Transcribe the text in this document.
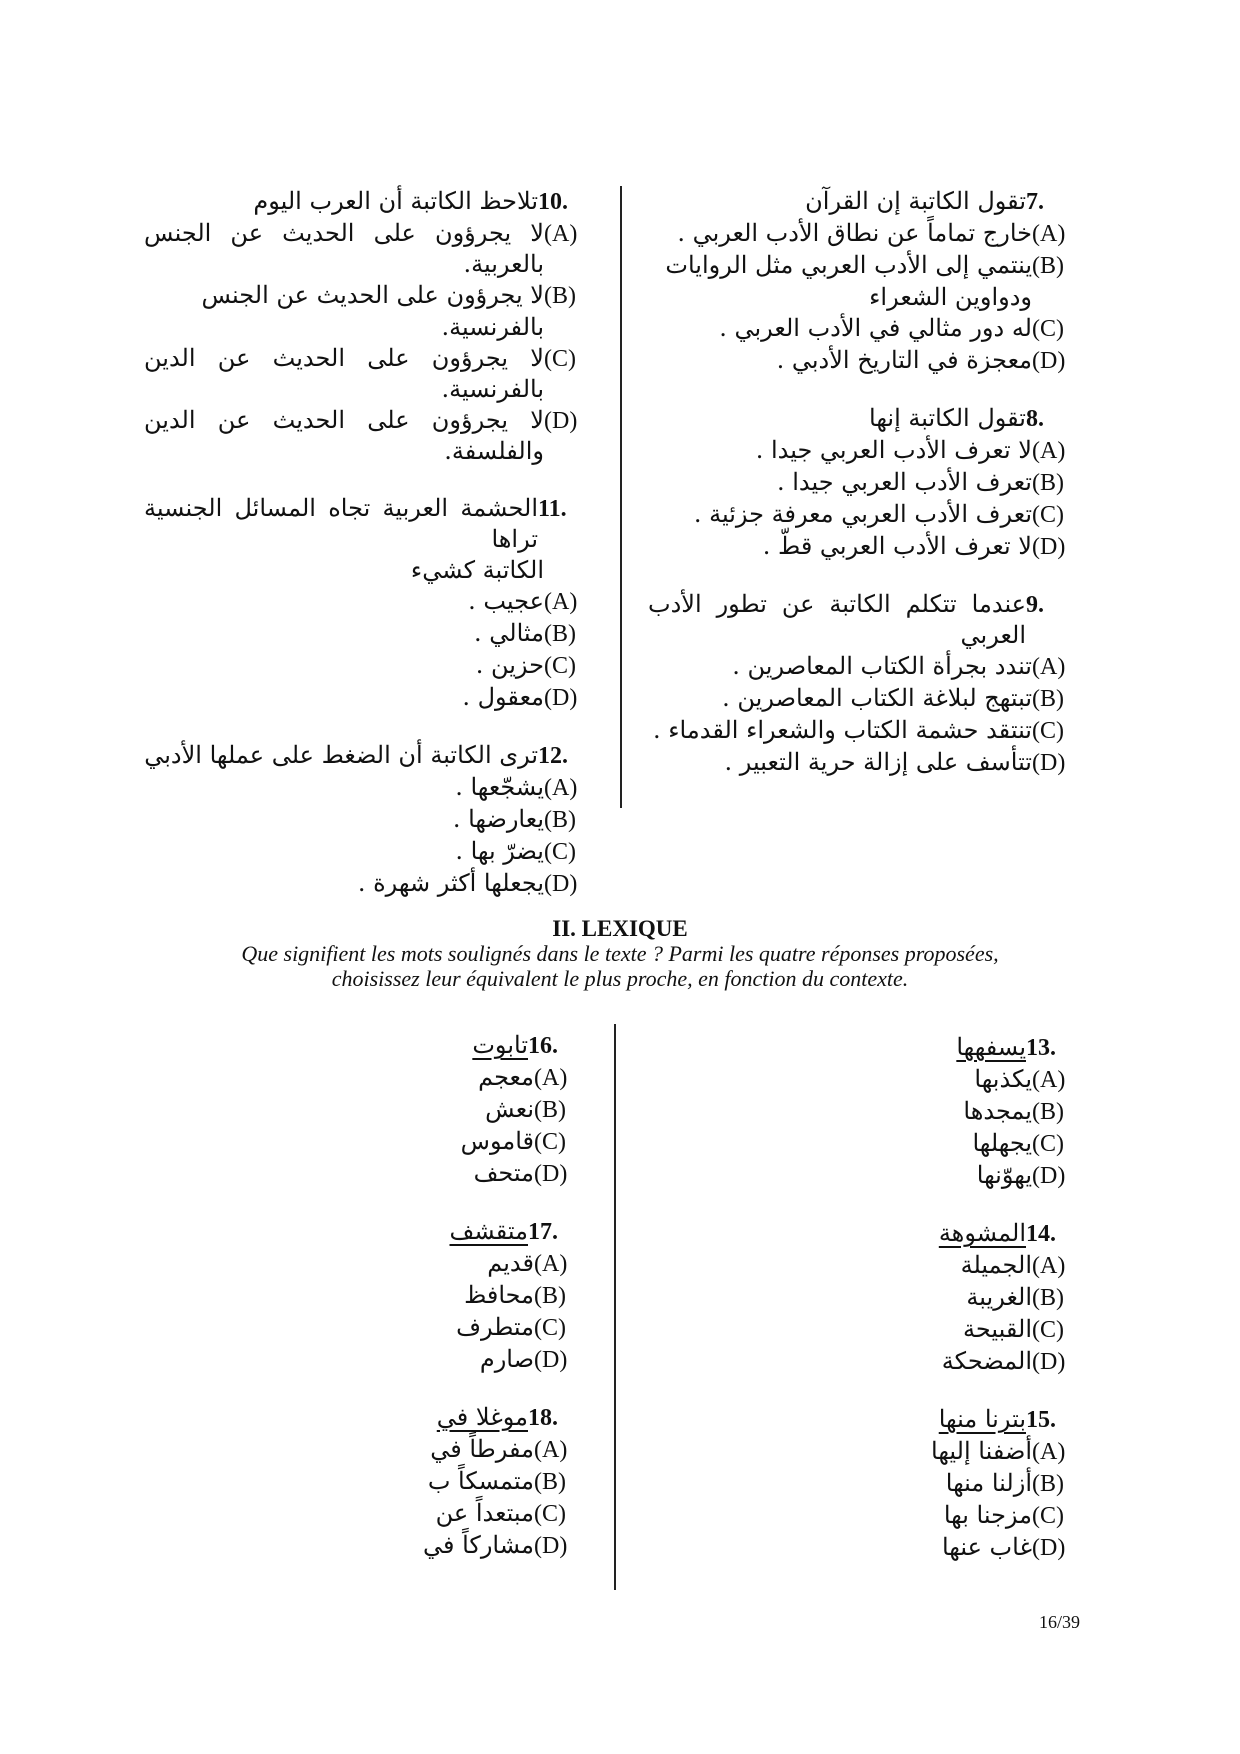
7.
تقول الكاتبة إن القرآن
(A)
خارج تماماً عن نطاق الأدب العربي .
(B)
ينتمي إلى الأدب العربي مثل الروايات
ودواوين الشعراء
(C)
له دور مثالي في الأدب العربي .
(D)
معجزة في التاريخ الأدبي .
8.
تقول الكاتبة إنها
(A)
لا تعرف الأدب العربي جيدا .
(B)
تعرف الأدب العربي جيدا .
(C)
تعرف الأدب العربي معرفة جزئية .
(D)
لا تعرف الأدب العربي قطّ .
9.
عندما تتكلم الكاتبة عن تطور الأدب العربي
(A)
تندد بجرأة الكتاب المعاصرين .
(B)
تبتهج لبلاغة الكتاب المعاصرين .
(C)
تنتقد حشمة الكتاب والشعراء القدماء .
(D)
تتأسف على إزالة حرية التعبير .
10.
تلاحظ الكاتبة أن العرب اليوم
(A)
لا يجرؤون على الحديث عن الجنس بالعربية.
(B)
لا يجرؤون على الحديث عن الجنس
بالفرنسية.
(C)
لا يجرؤون على الحديث عن الدين بالفرنسية.
(D)
لا يجرؤون على الحديث عن الدين والفلسفة.
11.
الحشمة العربية تجاه المسائل الجنسية تراها
الكاتبة كشيء
(A)
عجيب .
(B)
مثالي .
(C)
حزين .
(D)
معقول .
12.
ترى الكاتبة أن الضغط على عملها الأدبي
(A)
يشجّعها .
(B)
يعارضها .
(C)
يضرّ بها .
(D)
يجعلها أكثر شهرة .
II. LEXIQUE
Que signifient les mots soulignés dans le texte ? Parmi les quatre réponses proposées,
choisissez leur équivalent le plus proche, en fonction du contexte.
13.
يسفهها
(A)
يكذبها
(B)
يمجدها
(C)
يجهلها
(D)
يهوّنها
14.
المشوهة
(A)
الجميلة
(B)
الغريبة
(C)
القبيحة
(D)
المضحكة
15.
بترنا منها
(A)
أضفنا إليها
(B)
أزلنا منها
(C)
مزجنا بها
(D)
غاب عنها
16.
تابوت
(A)
معجم
(B)
نعش
(C)
قاموس
(D)
متحف
17.
متقشف
(A)
قديم
(B)
محافظ
(C)
متطرف
(D)
صارم
18.
موغلا في
(A)
مفرطاً في
(B)
متمسكاً ب
(C)
مبتعداً عن
(D)
مشاركاً في
16/39
